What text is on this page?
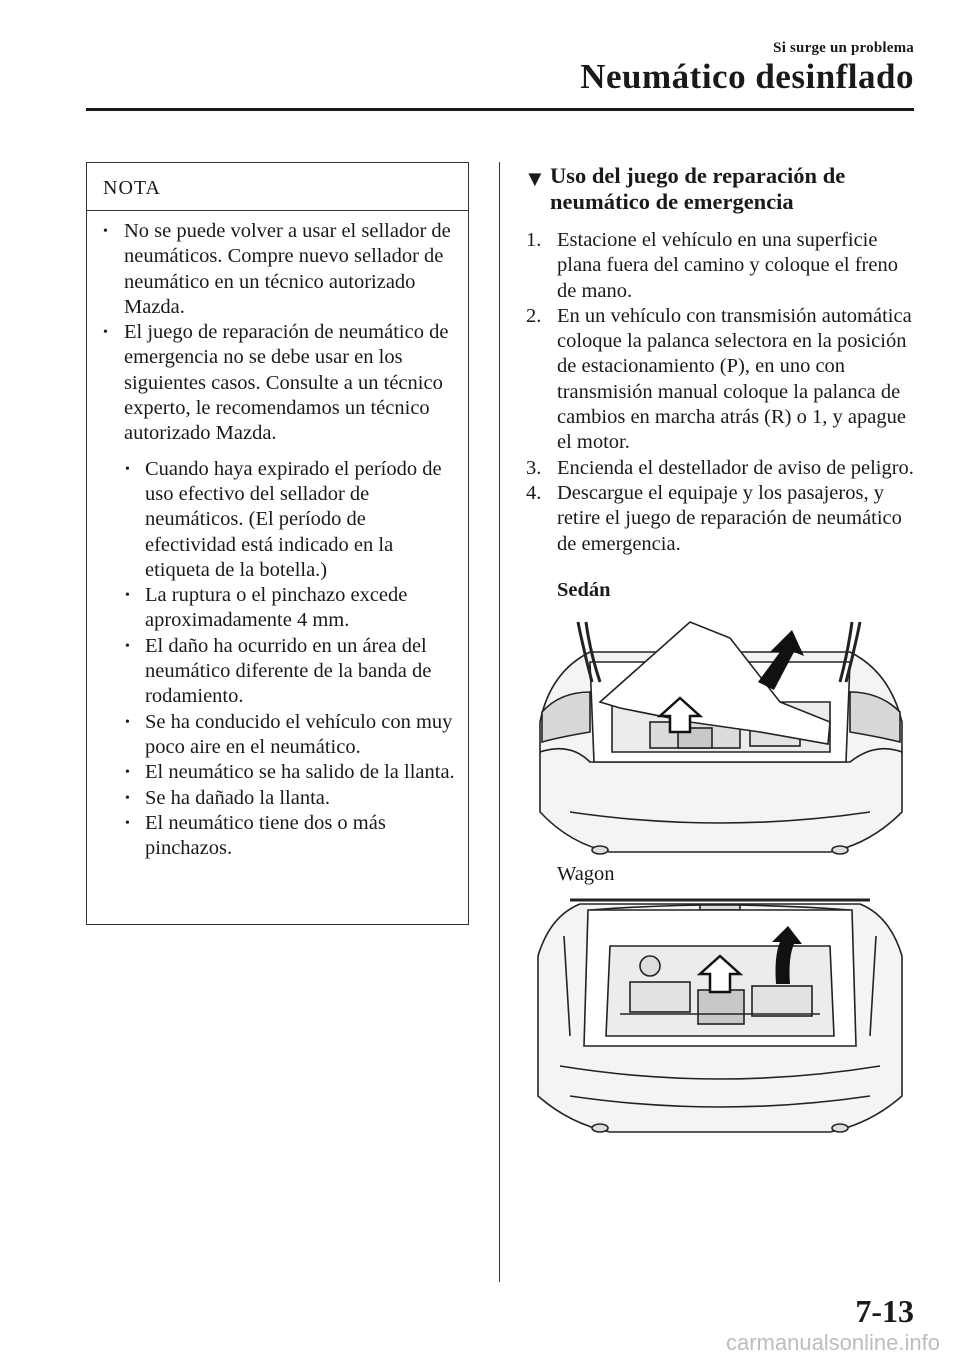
Si surge un problema
Neumático desinflado
NOTA
• No se puede volver a usar el sellador de neumáticos. Compre nuevo sellador de neumático en un técnico autorizado Mazda.
• El juego de reparación de neumático de emergencia no se debe usar en los siguientes casos. Consulte a un técnico experto, le recomendamos un técnico autorizado Mazda.
• Cuando haya expirado el período de uso efectivo del sellador de neumáticos. (El período de efectividad está indicado en la etiqueta de la botella.)
• La ruptura o el pinchazo excede aproximadamente 4 mm.
• El daño ha ocurrido en un área del neumático diferente de la banda de rodamiento.
• Se ha conducido el vehículo con muy poco aire en el neumático.
• El neumático se ha salido de la llanta.
• Se ha dañado la llanta.
• El neumático tiene dos o más pinchazos.
▼ Uso del juego de reparación de neumático de emergencia
1. Estacione el vehículo en una superficie plana fuera del camino y coloque el freno de mano.
2. En un vehículo con transmisión automática coloque la palanca selectora en la posición de estacionamiento (P), en uno con transmisión manual coloque la palanca de cambios en marcha atrás (R) o 1, y apague el motor.
3. Encienda el destellador de aviso de peligro.
4. Descargue el equipaje y los pasajeros, y retire el juego de reparación de neumático de emergencia.
Sedán
Wagon
7-13
carmanualsonline.info
